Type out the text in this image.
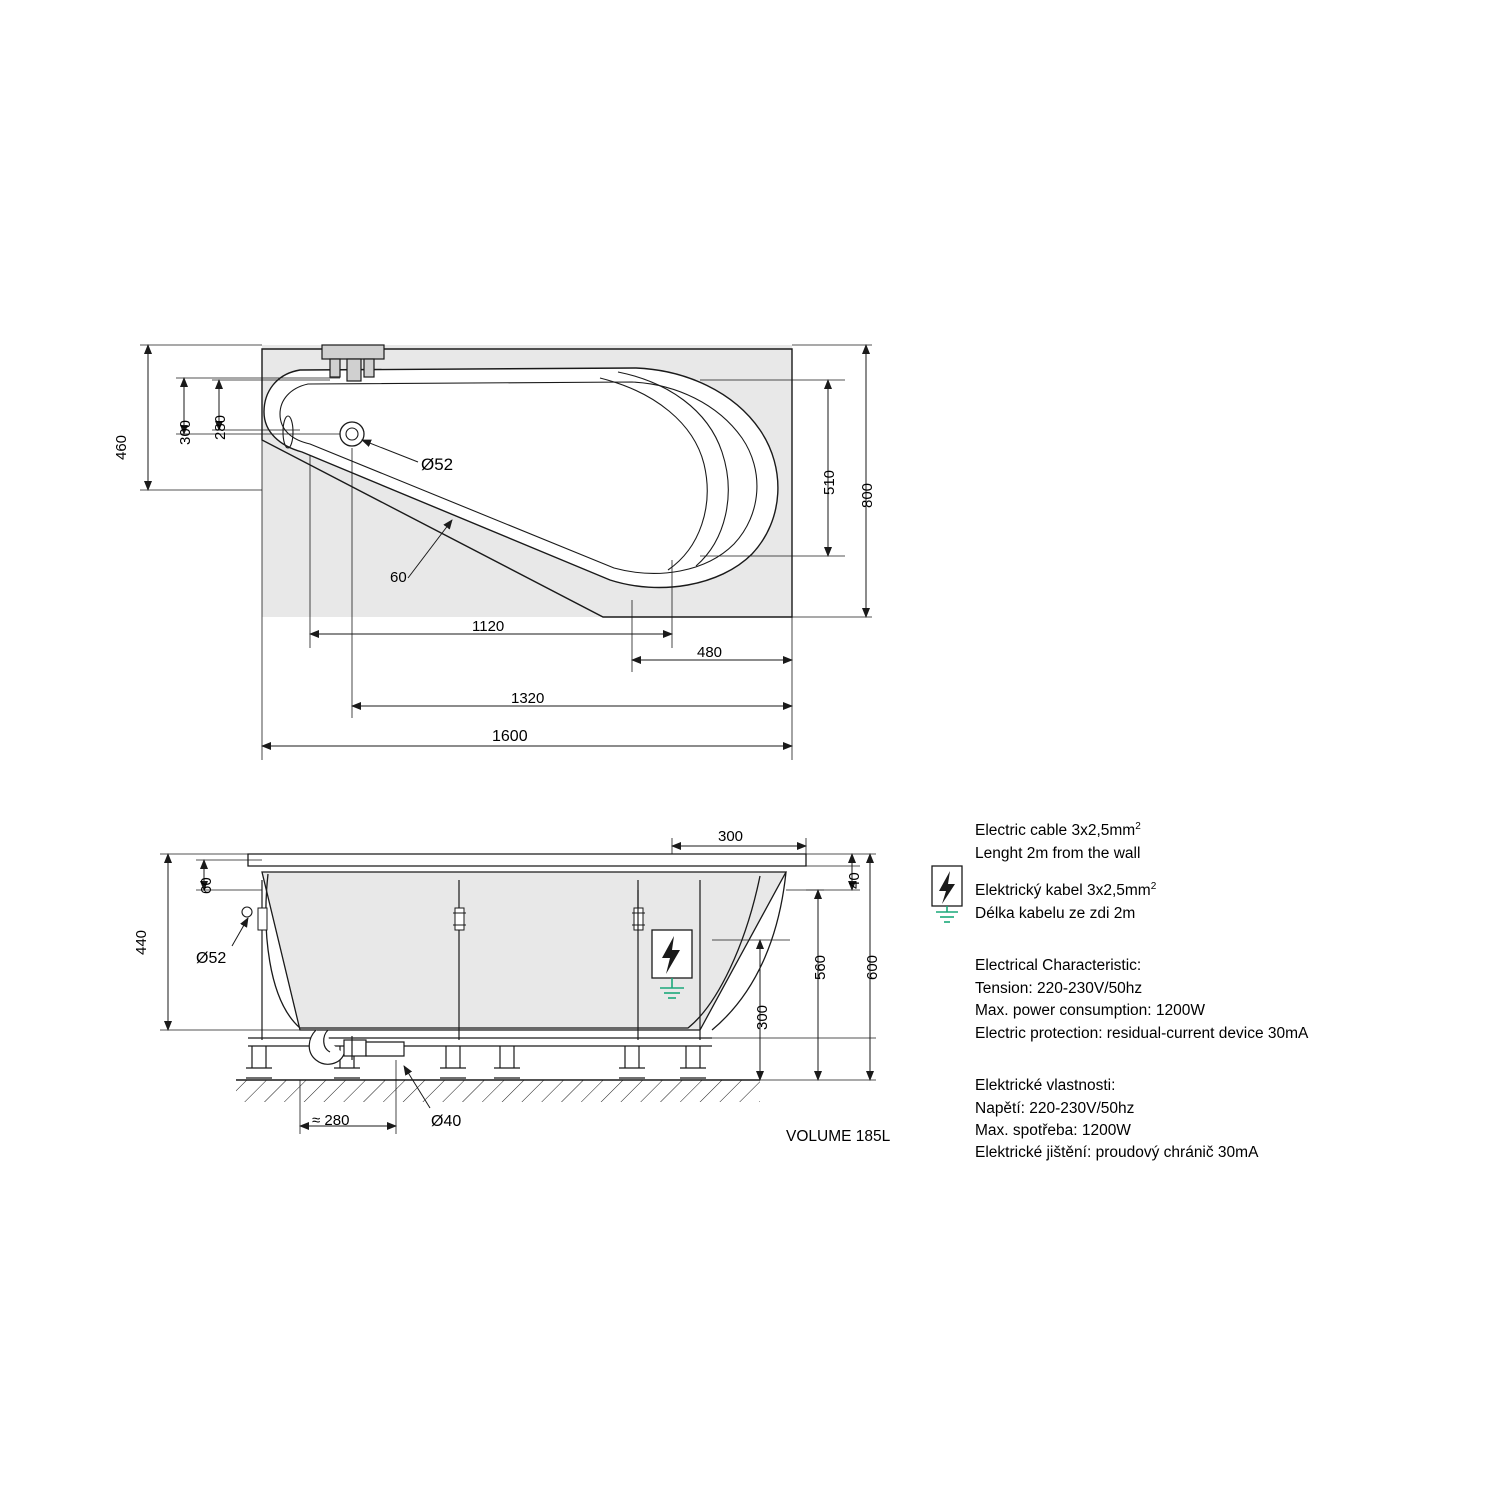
460
280
300
510
800
60
Ø52
1120
480
1320
1600
440
60
Ø52
300
40
600
560
300
≈ 280	Ø40
VOLUME 185L

Electric cable $3x2,5mm^2$

Lenght 2m from the wall

Elektrický kabel $3x2,5mm^2$

Délka kabelu ze zdi 2m

Electrical Characteristic:

Tension: 220-230V/50hz

Max. power consumption: 1200W

Electric protection: residual-current device 30mA

Elektrické vlastnosti:

Napětí: 220-230V/50hz

Max. spotřeba: 1200W

Elektrické jištění: proudový chránič 30mA
